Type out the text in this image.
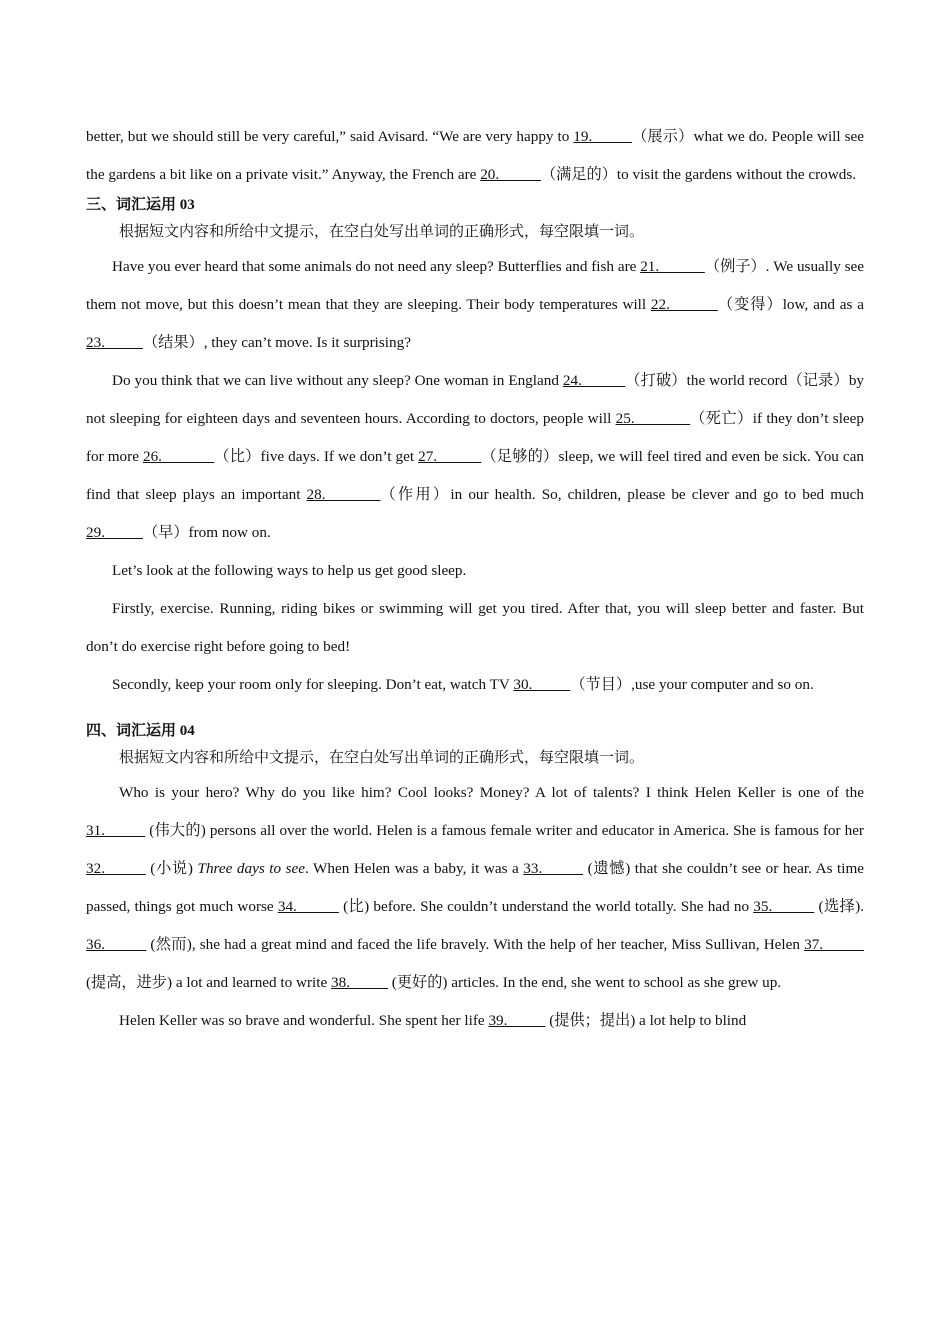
better, but we should still be very careful,” said Avisard. “We are very happy to 19.          （展示）what we do. People will see the gardens a bit like on a private visit.” Anyway, the French are 20.           （满足的）to visit the gardens without the crowds.

三、词汇运用 03

根据短文内容和所给中文提示，在空白处写出单词的正确形式，每空限填一词。

Have you ever heard that some animals do not need any sleep? Butterflies and fish are 21.            （例子）. We usually see them not move, but this doesn’t mean that they are sleeping. Their body temperatures will 22.          （变得）low, and as a 23.          （结果）, they can’t move. Is it surprising?

Do you think that we can live without any sleep? One woman in England 24.           （打破）the world record（记录）by not sleeping for eighteen days and seventeen hours. According to doctors, people will 25.             （死亡）if they don’t sleep for more 26.             （比）five days. If we don’t get 27.           （足够的）sleep, we will feel tired and even be sick. You can find that sleep plays an important 28.         （作用）in our health. So, children, please be clever and go to bed much 29.          （早）from now on.

Let’s look at the following ways to help us get good sleep.

Firstly, exercise. Running, riding bikes or swimming will get you tired. After that, you will sleep better and faster. But don’t do exercise right before going to bed!

Secondly, keep your room only for sleeping. Don’t eat, watch TV 30.          （节目）,use your computer and so on.

四、词汇运用 04

根据短文内容和所给中文提示，在空白处写出单词的正确形式，每空限填一词。

Who is your hero? Why do you like him? Cool looks? Money? A lot of talents? I think Helen Keller is one of the 31.           (伟大的) persons all over the world. Helen is a famous female writer and educator in America. She is famous for her 32.          (小说) Three days to see. When Helen was a baby, it was a 33.          (遗憾) that she couldn’t see or hear. As time passed, things got much worse 34.           (比) before. She couldn’t understand the world totally. She had no 35.           (选择). 36.           (然而), she had a great mind and faced the life bravely. With the help of her teacher, Miss Sullivan, Helen 37.           (提高，进步) a lot and learned to write 38.           (更好的) articles. In the end, she went to school as she grew up.

Helen Keller was so brave and wonderful. She spent her life 39.           (提供；提出) a lot help to blind
